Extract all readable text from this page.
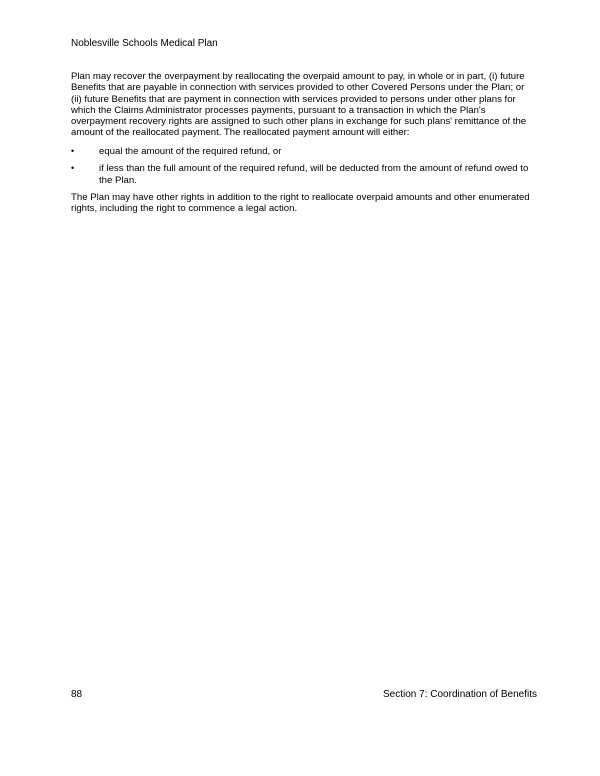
Noblesville Schools Medical Plan
Plan may recover the overpayment by reallocating the overpaid amount to pay, in whole or in part, (i) future Benefits that are payable in connection with services provided to other Covered Persons under the Plan; or (ii) future Benefits that are payment in connection with services provided to persons under other plans for which the Claims Administrator processes payments, pursuant to a transaction in which the Plan's overpayment recovery rights are assigned to such other plans in exchange for such plans' remittance of the amount of the reallocated payment. The reallocated payment amount will either:
•	equal the amount of the required refund, or
•	if less than the full amount of the required refund, will be deducted from the amount of refund owed to the Plan.
The Plan may have other rights in addition to the right to reallocate overpaid amounts and other enumerated rights, including the right to commence a legal action.
88	Section 7: Coordination of Benefits
